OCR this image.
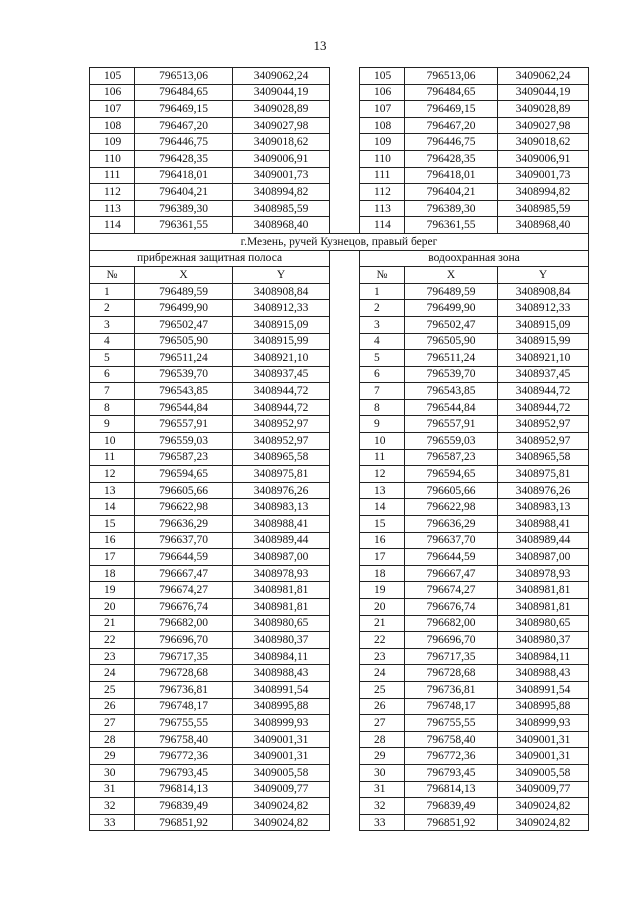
13
105	796513,06	3409062,24		105	796513,06	3409062,24
106	796484,65	3409044,19		106	796484,65	3409044,19
107	796469,15	3409028,89		107	796469,15	3409028,89
108	796467,20	3409027,98		108	796467,20	3409027,98
109	796446,75	3409018,62		109	796446,75	3409018,62
110	796428,35	3409006,91		110	796428,35	3409006,91
111	796418,01	3409001,73		111	796418,01	3409001,73
112	796404,21	3408994,82		112	796404,21	3408994,82
113	796389,30	3408985,59		113	796389,30	3408985,59
114	796361,55	3408968,40		114	796361,55	3408968,40
г.Мезень, ручей Кузнецов, правый берег						
прибрежная защитная полоса				водоохранная зона		
№	X	Y		№	X	Y
1	796489,59	3408908,84		1	796489,59	3408908,84
2	796499,90	3408912,33		2	796499,90	3408912,33
3	796502,47	3408915,09		3	796502,47	3408915,09
4	796505,90	3408915,99		4	796505,90	3408915,99
5	796511,24	3408921,10		5	796511,24	3408921,10
6	796539,70	3408937,45		6	796539,70	3408937,45
7	796543,85	3408944,72		7	796543,85	3408944,72
8	796544,84	3408944,72		8	796544,84	3408944,72
9	796557,91	3408952,97		9	796557,91	3408952,97
10	796559,03	3408952,97		10	796559,03	3408952,97
11	796587,23	3408965,58		11	796587,23	3408965,58
12	796594,65	3408975,81		12	796594,65	3408975,81
13	796605,66	3408976,26		13	796605,66	3408976,26
14	796622,98	3408983,13		14	796622,98	3408983,13
15	796636,29	3408988,41		15	796636,29	3408988,41
16	796637,70	3408989,44		16	796637,70	3408989,44
17	796644,59	3408987,00		17	796644,59	3408987,00
18	796667,47	3408978,93		18	796667,47	3408978,93
19	796674,27	3408981,81		19	796674,27	3408981,81
20	796676,74	3408981,81		20	796676,74	3408981,81
21	796682,00	3408980,65		21	796682,00	3408980,65
22	796696,70	3408980,37		22	796696,70	3408980,37
23	796717,35	3408984,11		23	796717,35	3408984,11
24	796728,68	3408988,43		24	796728,68	3408988,43
25	796736,81	3408991,54		25	796736,81	3408991,54
26	796748,17	3408995,88		26	796748,17	3408995,88
27	796755,55	3408999,93		27	796755,55	3408999,93
28	796758,40	3409001,31		28	796758,40	3409001,31
29	796772,36	3409001,31		29	796772,36	3409001,31
30	796793,45	3409005,58		30	796793,45	3409005,58
31	796814,13	3409009,77		31	796814,13	3409009,77
32	796839,49	3409024,82		32	796839,49	3409024,82
33	796851,92	3409024,82		33	796851,92	3409024,82
